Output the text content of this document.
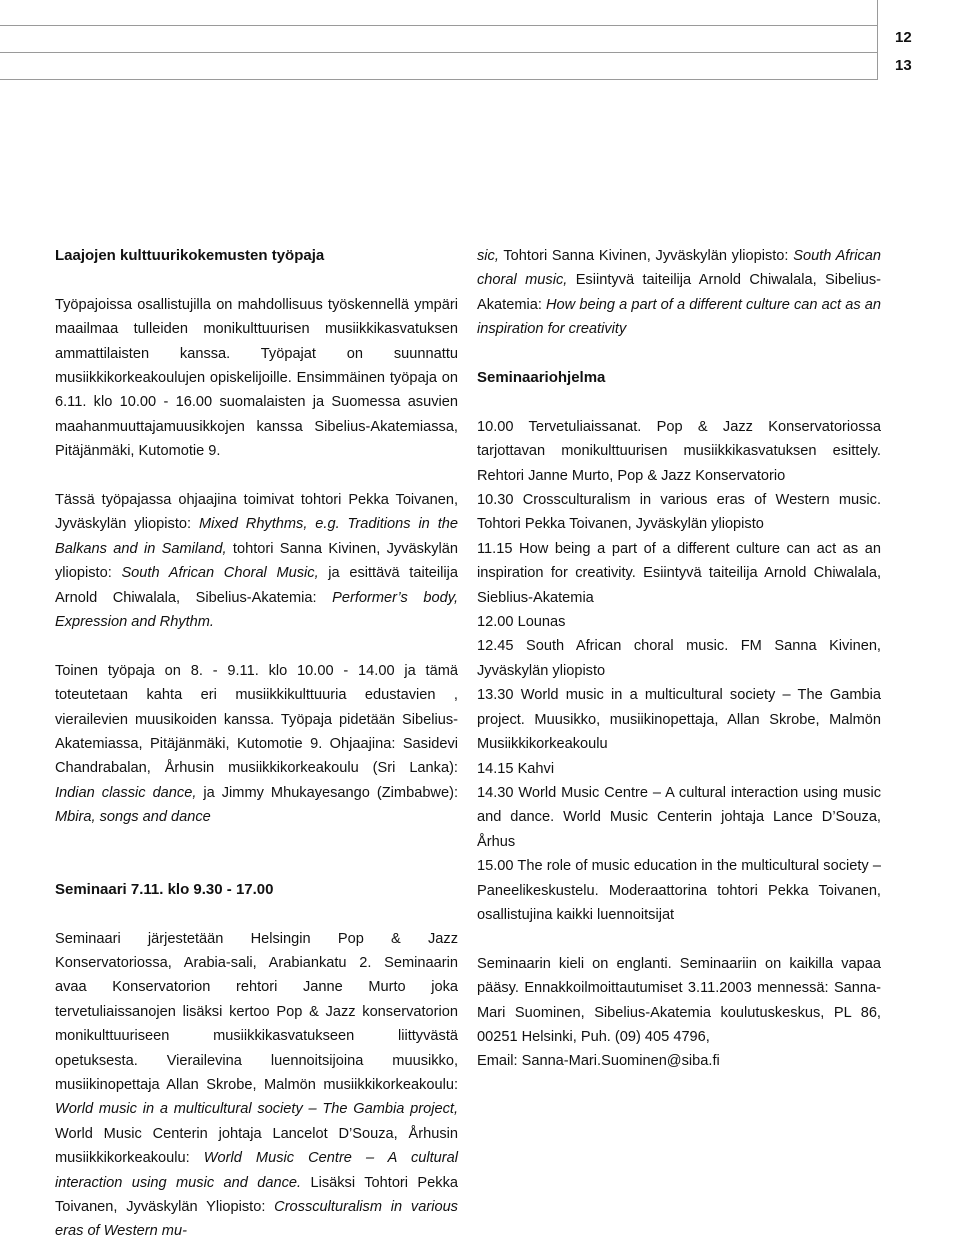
12
13

Laajojen kulttuurikokemusten työpaja

Työpajoissa osallistujilla on mahdollisuus työskennellä ympäri maailmaa tulleiden monikulttuurisen musiikkikasvatuksen ammattilaisten kanssa. Työpajat on suunnattu musiikkikorkeakoulujen opiskelijoille. Ensimmäinen työpaja on 6.11. klo 10.00 - 16.00 suomalaisten ja Suomessa asuvien maahanmuuttajamuusikkojen kanssa Sibelius-Akatemiassa, Pitäjänmäki, Kutomotie 9.

Tässä työpajassa ohjaajina toimivat tohtori Pekka Toivanen, Jyväskylän yliopisto: Mixed Rhythms, e.g. Traditions in the Balkans and in Samiland, tohtori Sanna Kivinen, Jyväskylän yliopisto: South African Choral Music, ja esittävä taiteilija Arnold Chiwalala, Sibelius-Akatemia: Performer’s body, Expression and Rhythm.

Toinen työpaja on 8. - 9.11. klo 10.00 - 14.00 ja tämä toteutetaan kahta eri musiikkikulttuuria edustavien , vierailevien muusikoiden kanssa. Työpaja pidetään Sibelius-Akatemiassa, Pitäjänmäki, Kutomotie 9. Ohjaajina: Sasidevi Chandrabalan, Århusin musiikkikorkeakoulu (Sri Lanka): Indian classic dance, ja Jimmy Mhukayesango (Zimbabwe): Mbira, songs and dance

Seminaari 7.11. klo 9.30 - 17.00

Seminaari järjestetään Helsingin Pop & Jazz Konservatoriossa, Arabia-sali, Arabiankatu 2. Seminaarin avaa Konservatorion rehtori Janne Murto joka tervetuliaissanojen lisäksi kertoo Pop & Jazz konservatorion monikulttuuriseen musiikkikasvatukseen liittyvästä opetuksesta. Vierailevina luennoitsijoina muusikko, musiikinopettaja Allan Skrobe, Malmön musiikkikorkeakoulu: World music in a multicultural society – The Gambia project, World Music Centerin johtaja Lancelot D’Souza, Århusin musiikkikorkeakoulu: World Music Centre – A cultural interaction using music and dance. Lisäksi Tohtori Pekka Toivanen, Jyväskylän Yliopisto: Crossculturalism in various eras of Western mu-

sic, Tohtori Sanna Kivinen, Jyväskylän yliopisto: South African choral music, Esiintyvä taiteilija Arnold Chiwalala, Sibelius-Akatemia: How being a part of a different culture can act as an inspiration for creativity

Seminaariohjelma

10.00 Tervetuliaissanat. Pop & Jazz Konservatoriossa tarjottavan monikulttuurisen musiikkikasvatuksen esittely. Rehtori Janne Murto, Pop & Jazz Konservatorio

10.30 Crossculturalism in various eras of Western music. Tohtori Pekka Toivanen, Jyväskylän yliopisto

11.15 How being a part of a different culture can act as an inspiration for creativity. Esiintyvä taiteilija Arnold Chiwalala, Sieblius-Akatemia

12.00 Lounas

12.45 South African choral music. FM Sanna Kivinen, Jyväskylän yliopisto

13.30 World music in a multicultural society – The Gambia project. Muusikko, musiikinopettaja, Allan Skrobe, Malmön Musiikkikorkeakoulu

14.15 Kahvi

14.30 World Music Centre – A cultural interaction using music and dance. World Music Centerin johtaja Lance D’Souza, Århus

15.00 The role of music education in the multicultural society – Paneelikeskustelu. Moderaattorina tohtori Pekka Toivanen, osallistujina kaikki luennoitsijat

Seminaarin kieli on englanti. Seminaariin on kaikilla vapaa pääsy. Ennakkoilmoittautumiset 3.11.2003 mennessä: Sanna-Mari Suominen, Sibelius-Akatemia koulutuskeskus, PL 86, 00251 Helsinki, Puh. (09) 405 4796,

Email: Sanna-Mari.Suominen@siba.fi
